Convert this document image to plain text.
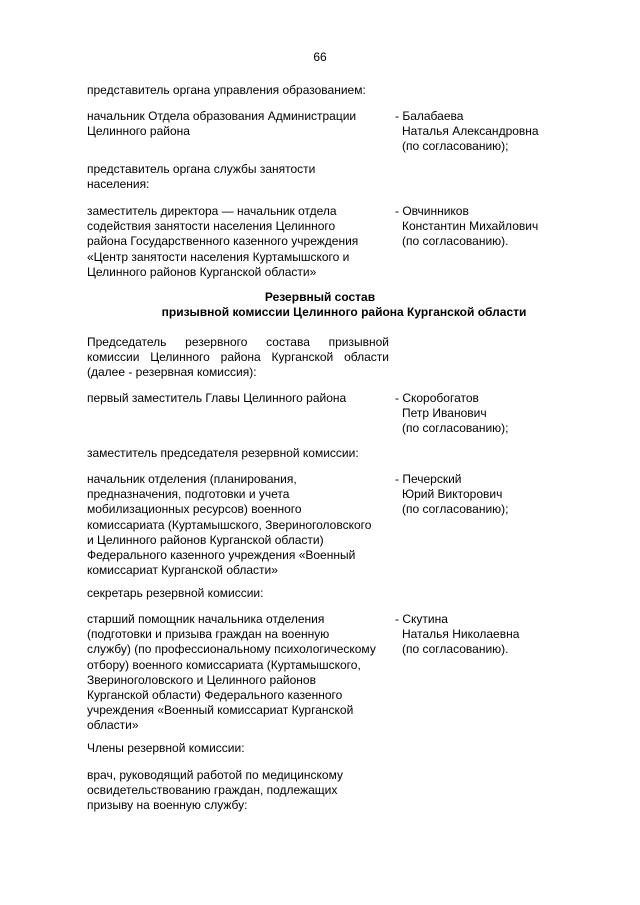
66
представитель органа управления образованием:
начальник Отдела образования Администрации
Целинного района
- Балабаева
Наталья Александровна
(по согласованию);
представитель органа службы занятости
населения:
заместитель директора — начальник отдела
содействия занятости населения Целинного
района Государственного казенного учреждения
«Центр занятости населения Куртамышского и
Целинного районов Курганской области»
- Овчинников
Константин Михайлович
(по согласованию).
Резервный состав
призывной комиссии Целинного района Курганской области
Председатель резервного состава призывной комиссии Целинного района Курганской области
(далее - резервная комиссия):
первый заместитель Главы Целинного района	- Скоробогатов
Петр Иванович
(по согласованию);
заместитель председателя резервной комиссии:
начальник отделения (планирования,
предназначения, подготовки и учета
мобилизационных ресурсов) военного
комиссариата (Куртамышского, Звериноголовского
и Целинного районов Курганской области)
Федерального казенного учреждения «Военный
комиссариат Курганской области»
- Печерский
Юрий Викторович
(по согласованию);
секретарь резервной комиссии:
старший помощник начальника отделения
(подготовки и призыва граждан на военную
службу) (по профессиональному психологическому
отбору) военного комиссариата (Куртамышского,
Звериноголовского и Целинного районов
Курганской области) Федерального казенного
учреждения «Военный комиссариат Курганской
области»
- Скутина
Наталья Николаевна
(по согласованию).
Члены резервной комиссии:
врач, руководящий работой по медицинскому
освидетельствованию граждан, подлежащих
призыву на военную службу:
